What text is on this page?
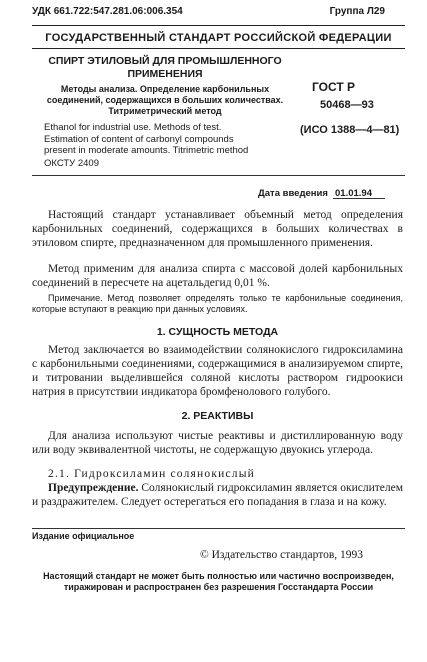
УДК 661.722:547.281.06:006.354	Группа Л29
ГОСУДАРСТВЕННЫЙ СТАНДАРТ РОССИЙСКОЙ ФЕДЕРАЦИИ
СПИРТ ЭТИЛОВЫЙ ДЛЯ ПРОМЫШЛЕННОГО
ПРИМЕНЕНИЯ
Методы анализа. Определение карбонильных
соединений, содержащихся в больших количествах.
Титриметрический метод
ГОСТ Р
50468—93
Ethanol for industrial use. Methods of test.
Estimation of content of carbonyl compounds
present in moderate amounts. Titrimetric method
(ИСО 1388—4—81)
ОКСТУ 2409
Дата введения 01.01.94
Настоящий стандарт устанавливает объемный метод определения карбонильных соединений, содержащихся в больших количествах в этиловом спирте, предназначенном для промышленного применения.
Метод применим для анализа спирта с массовой долей карбонильных соединений в пересчете на ацетальдегид 0,01 %.
Примечание. Метод позволяет определять только те карбонильные соединения, которые вступают в реакцию при данных условиях.
1. СУЩНОСТЬ МЕТОДА
Метод заключается во взаимодействии солянокислого гидроксиламина с карбонильными соединениями, содержащимися в анализируемом спирте, и титровании выделившейся соляной кислоты раствором гидроокиси натрия в присутствии индикатора бромфенолового голубого.
2. РЕАКТИВЫ
Для анализа используют чистые реактивы и дистиллированную воду или воду эквивалентной чистоты, не содержащую двуокись углерода.
2.1. Гидроксиламин солянокислый
Предупреждение. Солянокислый гидроксиламин является окислителем и раздражителем. Следует остерегаться его попадания в глаза и на кожу.
Издание официальное
© Издательство стандартов, 1993
Настоящий стандарт не может быть полностью или частично воспроизведен,
тиражирован и распространен без разрешения Госстандарта России
